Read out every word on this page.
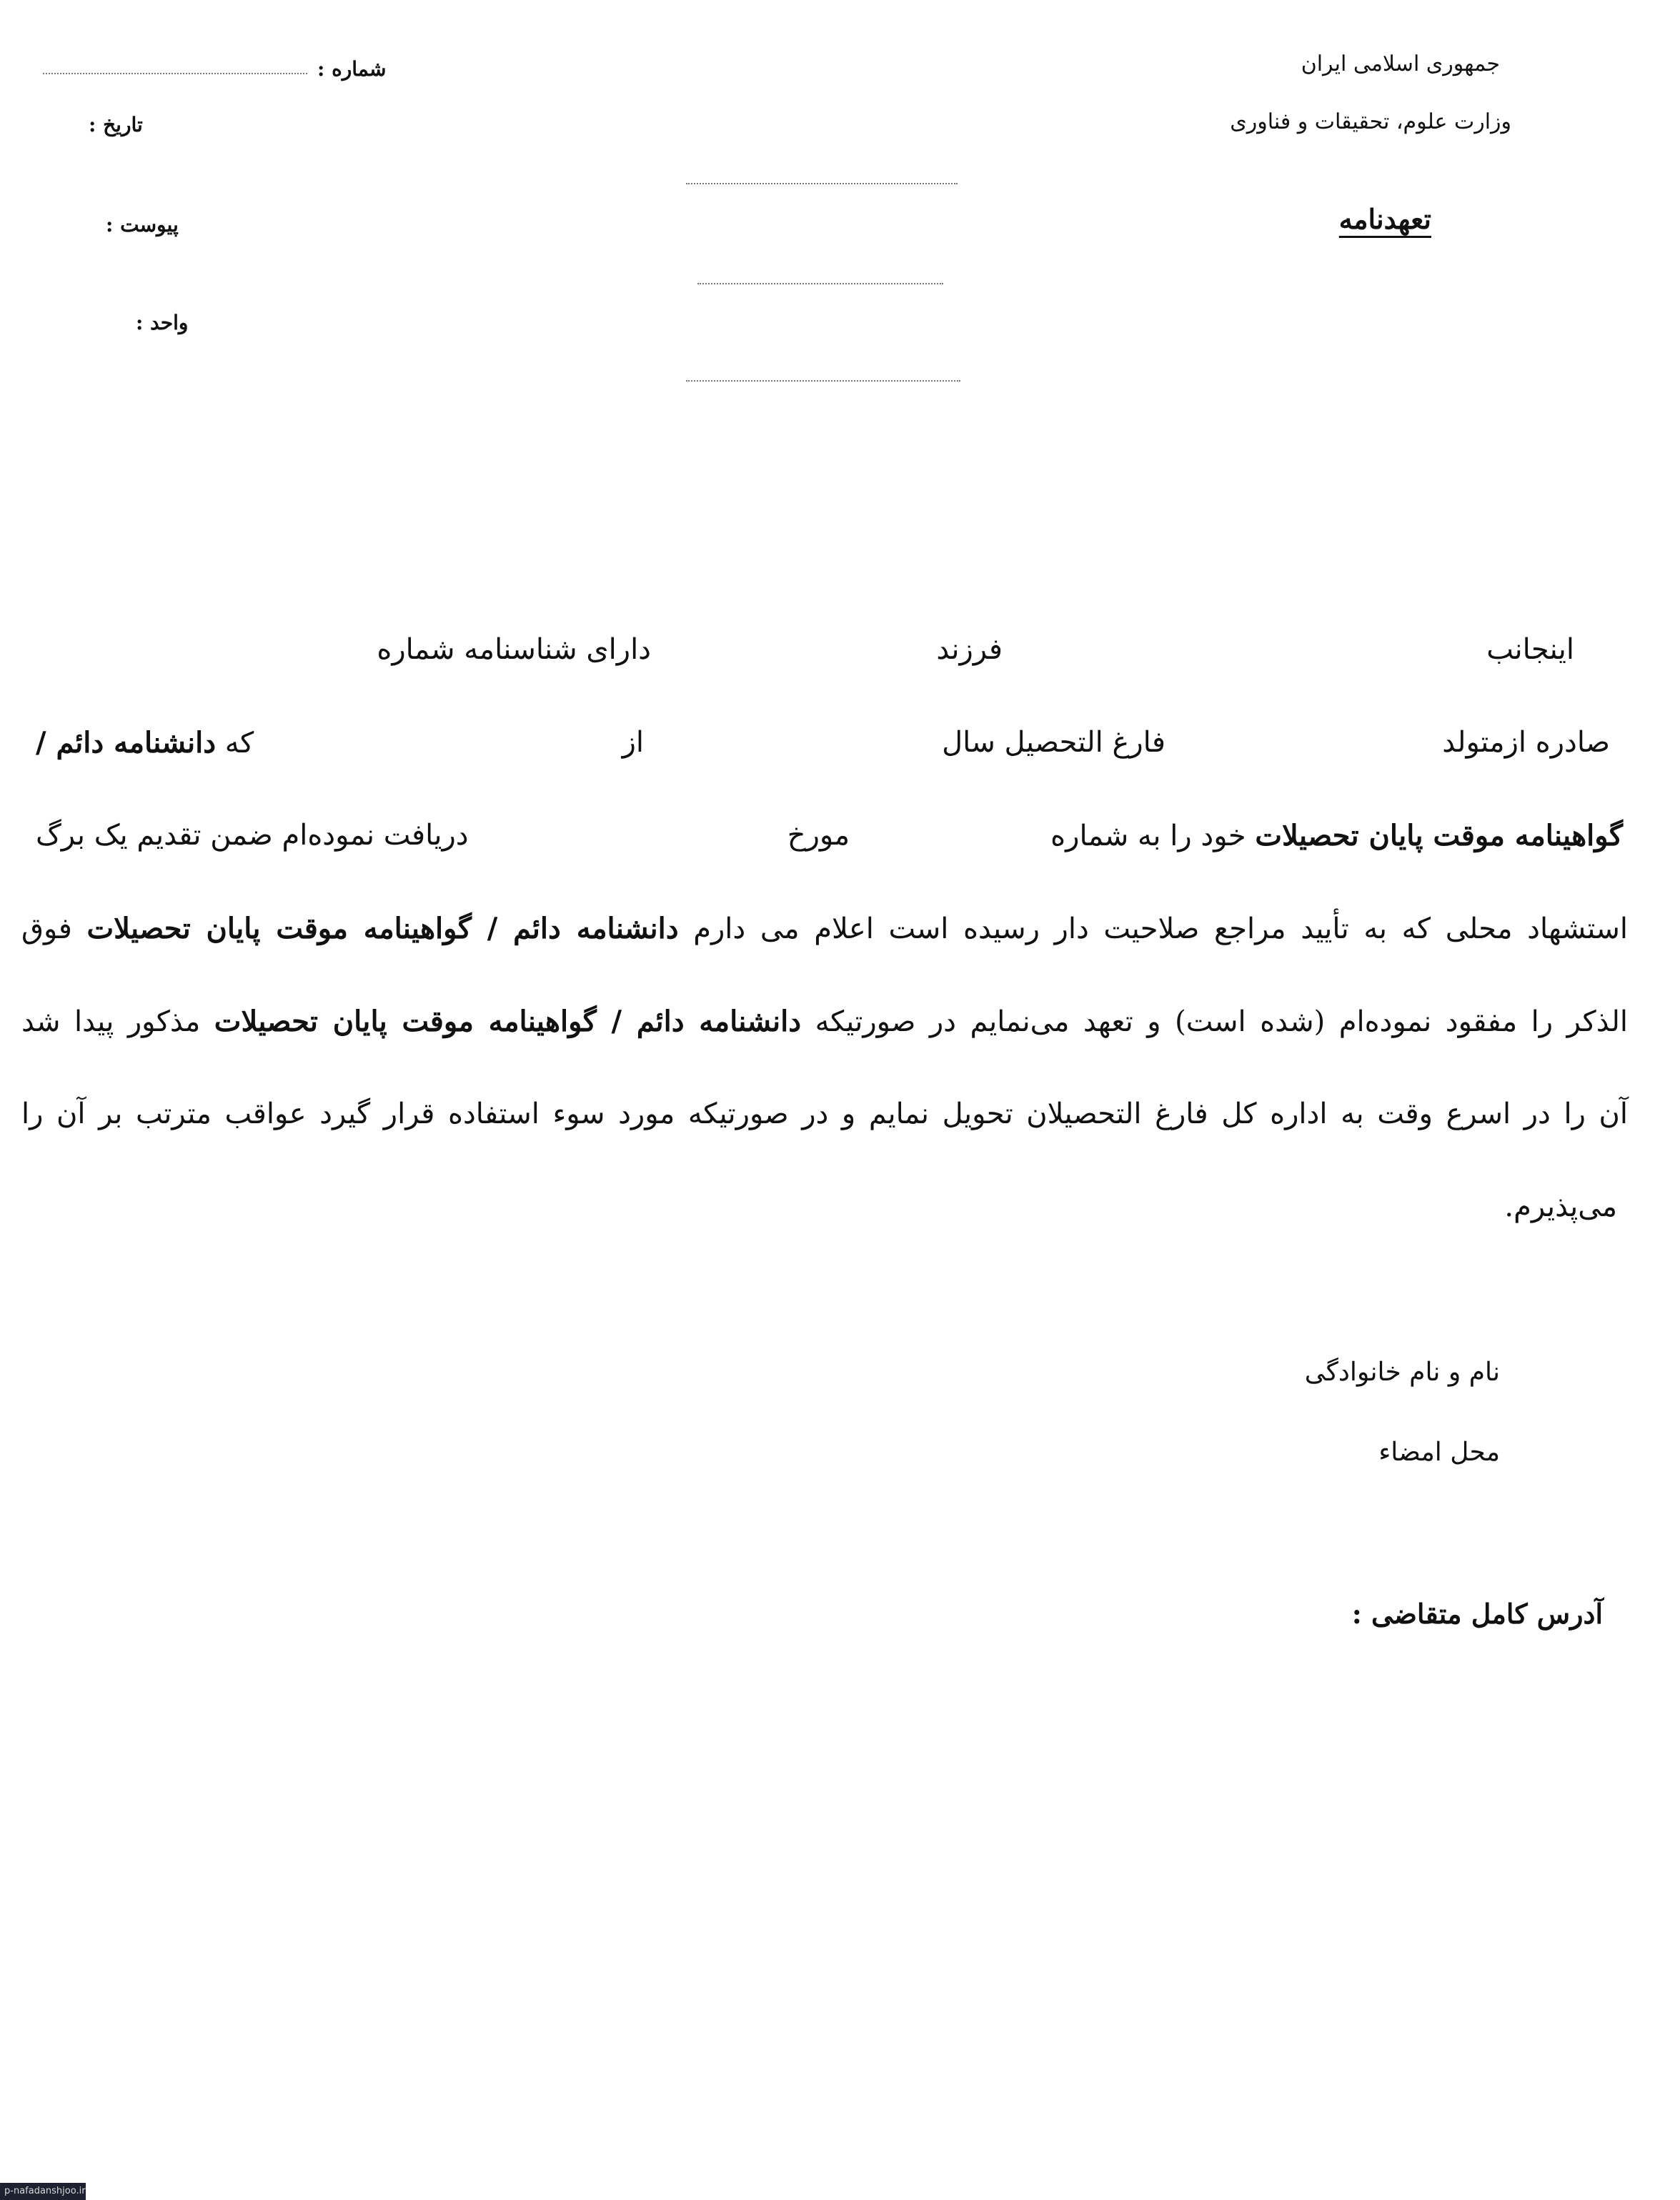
جمهوری اسلامی ایران
وزارت علوم، تحقیقات و فناوری
تعهدنامه
شماره :
تاریخ :
پیوست :
واحد :
اینجانب
فرزند
دارای شناسنامه شماره
صادره ازمتولد
فارغ التحصیل سال
از
که دانشنامه دائم /
گواهینامه موقت پایان تحصیلات خود را به شماره
مورخ
دریافت نموده‌ام ضمن تقدیم یک برگ
استشهاد محلی که به تأیید مراجع صلاحیت دار رسیده است اعلام می دارم دانشنامه دائم / گواهینامه موقت پایان تحصیلات فوق
الذکر را مفقود نموده‌ام (شده است) و تعهد می‌نمایم در صورتیکه دانشنامه دائم / گواهینامه موقت پایان تحصیلات مذکور پیدا شد
آن را در اسرع وقت به اداره کل فارغ التحصیلان تحویل نمایم و در صورتیکه مورد سوء استفاده قرار گیرد عواقب مترتب بر آن را
می‌پذیرم.
نام و نام خانوادگی
محل امضاء
آدرس کامل متقاضی :
p-nafadanshjoo.ir
